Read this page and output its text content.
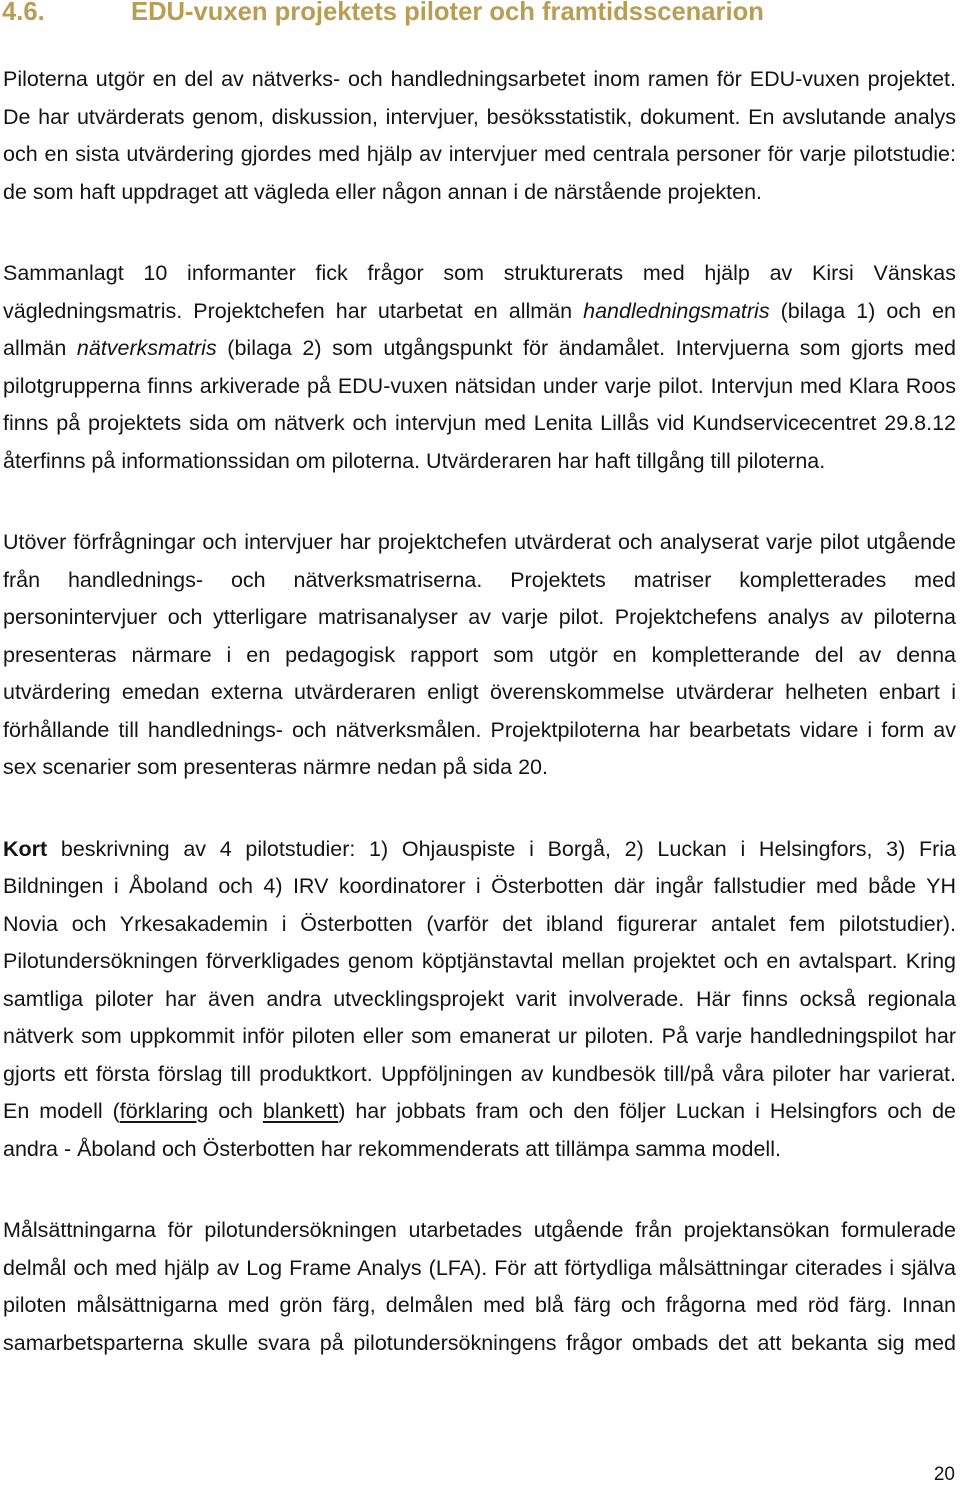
4.6.	EDU-vuxen projektets piloter och framtidsscenarion
Piloterna utgör en del av nätverks- och handledningsarbetet inom ramen för EDU-vuxen projektet.
De har utvärderats genom, diskussion, intervjuer, besöksstatistik, dokument. En avslutande analys
och en sista utvärdering gjordes med hjälp av intervjuer med centrala personer för varje pilotstudie:
de som haft uppdraget att vägleda eller någon annan i de närstående projekten.
Sammanlagt 10 informanter fick frågor som strukturerats med hjälp av Kirsi Vänskas
vägledningsmatris. Projektchefen har utarbetat en allmän handledningsmatris (bilaga 1) och en
allmän nätverksmatris (bilaga 2) som utgångspunkt för ändamålet. Intervjuerna som gjorts med
pilotgrupperna finns arkiverade på EDU-vuxen nätsidan under varje pilot. Intervjun med Klara Roos
finns på projektets sida om nätverk och intervjun med Lenita Lillås vid Kundservicecentret 29.8.12
återfinns på informationssidan om piloterna. Utvärderaren har haft tillgång till piloterna.
Utöver förfrågningar och intervjuer har projektchefen utvärderat och analyserat varje pilot utgående
från handlednings- och nätverksmatriserna. Projektets matriser kompletterades med
personintervjuer och ytterligare matrisanalyser av varje pilot. Projektchefens analys av piloterna
presenteras närmare i en pedagogisk rapport som utgör en kompletterande del av denna
utvärdering emedan externa utvärderaren enligt överenskommelse utvärderar helheten enbart i
förhållande till handlednings- och nätverksmålen. Projektpiloterna har bearbetats vidare i form av
sex scenarier som presenteras närmre nedan på sida 20.
Kort beskrivning av 4 pilotstudier: 1) Ohjauspiste i Borgå, 2) Luckan i Helsingfors, 3) Fria
Bildningen i Åboland och 4) IRV koordinatorer i Österbotten där ingår fallstudier med både YH
Novia och Yrkesakademin i Österbotten (varför det ibland figurerar antalet fem pilotstudier).
Pilotundersökningen förverkligades genom köptjänstavtal mellan projektet och en avtalspart. Kring
samtliga piloter har även andra utvecklingsprojekt varit involverade. Här finns också regionala
nätverk som uppkommit inför piloten eller som emanerat ur piloten. På varje handledningspilot har
gjorts ett första förslag till produktkort. Uppföljningen av kundbesök till/på våra piloter har varierat.
En modell (förklaring och blankett) har jobbats fram och den följer Luckan i Helsingfors och de
andra - Åboland och Österbotten har rekommenderats att tillämpa samma modell.
Målsättningarna för pilotundersökningen utarbetades utgående från projektansökan formulerade
delmål och med hjälp av Log Frame Analys (LFA). För att förtydliga målsättningar citerades i själva
piloten målsättnigarna med grön färg, delmålen med blå färg och frågorna med röd färg. Innan
samarbetsparterna skulle svara på pilotundersökningens frågor ombads det att bekanta sig med
20
